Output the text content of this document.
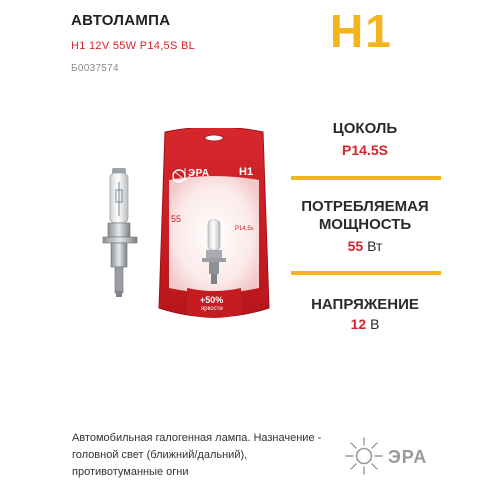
АВТОЛАМПА
H1 12V 55W P14,5S BL
Б0037574
H1
ЭРА	H1
55
P14,5s
+50%
яркости
ЦОКОЛЬ
P14.5S
ПОТРЕБЛЯЕМАЯ
МОЩНОСТЬ
55 Вт
НАПРЯЖЕНИЕ
12 В
Автомобильная галогенная лампа. Назначение - головной свет (ближний/дальний), противотуманные огни
ЭРА
